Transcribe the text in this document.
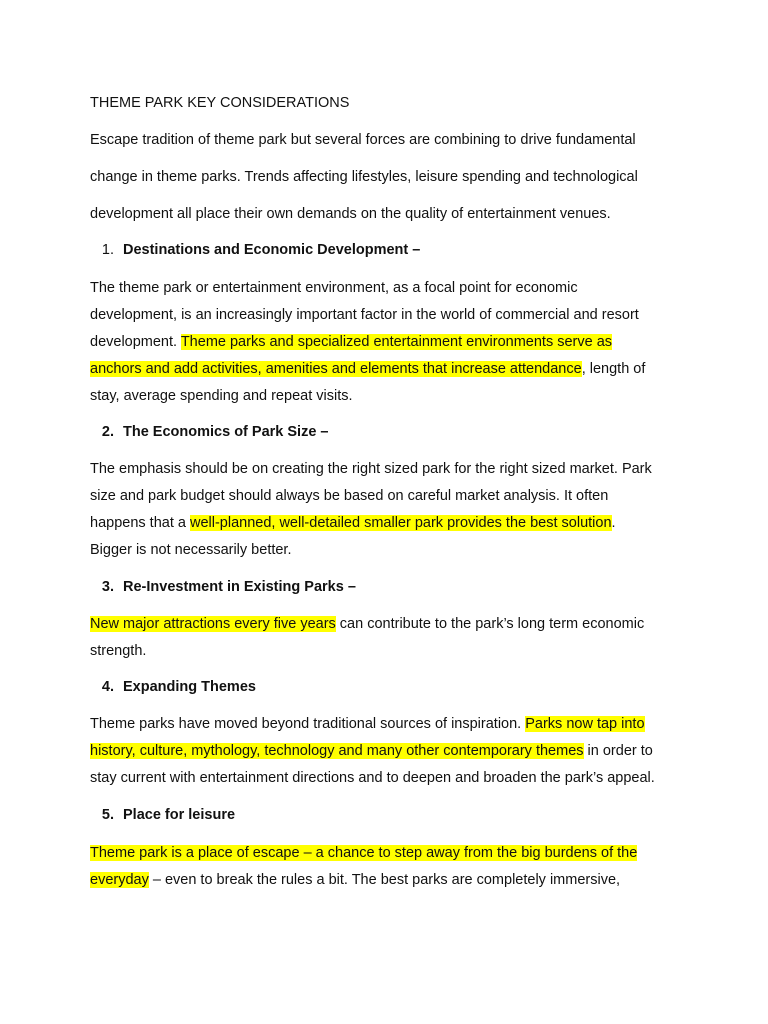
THEME PARK KEY CONSIDERATIONS
Escape tradition of theme park but several forces are combining to drive fundamental
change in theme parks. Trends affecting lifestyles, leisure spending and technological
development all place their own demands on the quality of entertainment venues.
1. Destinations and Economic Development –
The theme park or entertainment environment, as a focal point for economic
development, is an increasingly important factor in the world of commercial and resort
development. Theme parks and specialized entertainment environments serve as
anchors and add activities, amenities and elements that increase attendance, length of
stay, average spending and repeat visits.
2. The Economics of Park Size –
The emphasis should be on creating the right sized park for the right sized market. Park
size and park budget should always be based on careful market analysis. It often
happens that a well-planned, well-detailed smaller park provides the best solution.
Bigger is not necessarily better.
3. Re-Investment in Existing Parks –
New major attractions every five years can contribute to the park’s long term economic
strength.
4. Expanding Themes
Theme parks have moved beyond traditional sources of inspiration. Parks now tap into
history, culture, mythology, technology and many other contemporary themes in order to
stay current with entertainment directions and to deepen and broaden the park’s appeal.
5. Place for leisure
Theme park is a place of escape – a chance to step away from the big burdens of the
everyday – even to break the rules a bit. The best parks are completely immersive,
